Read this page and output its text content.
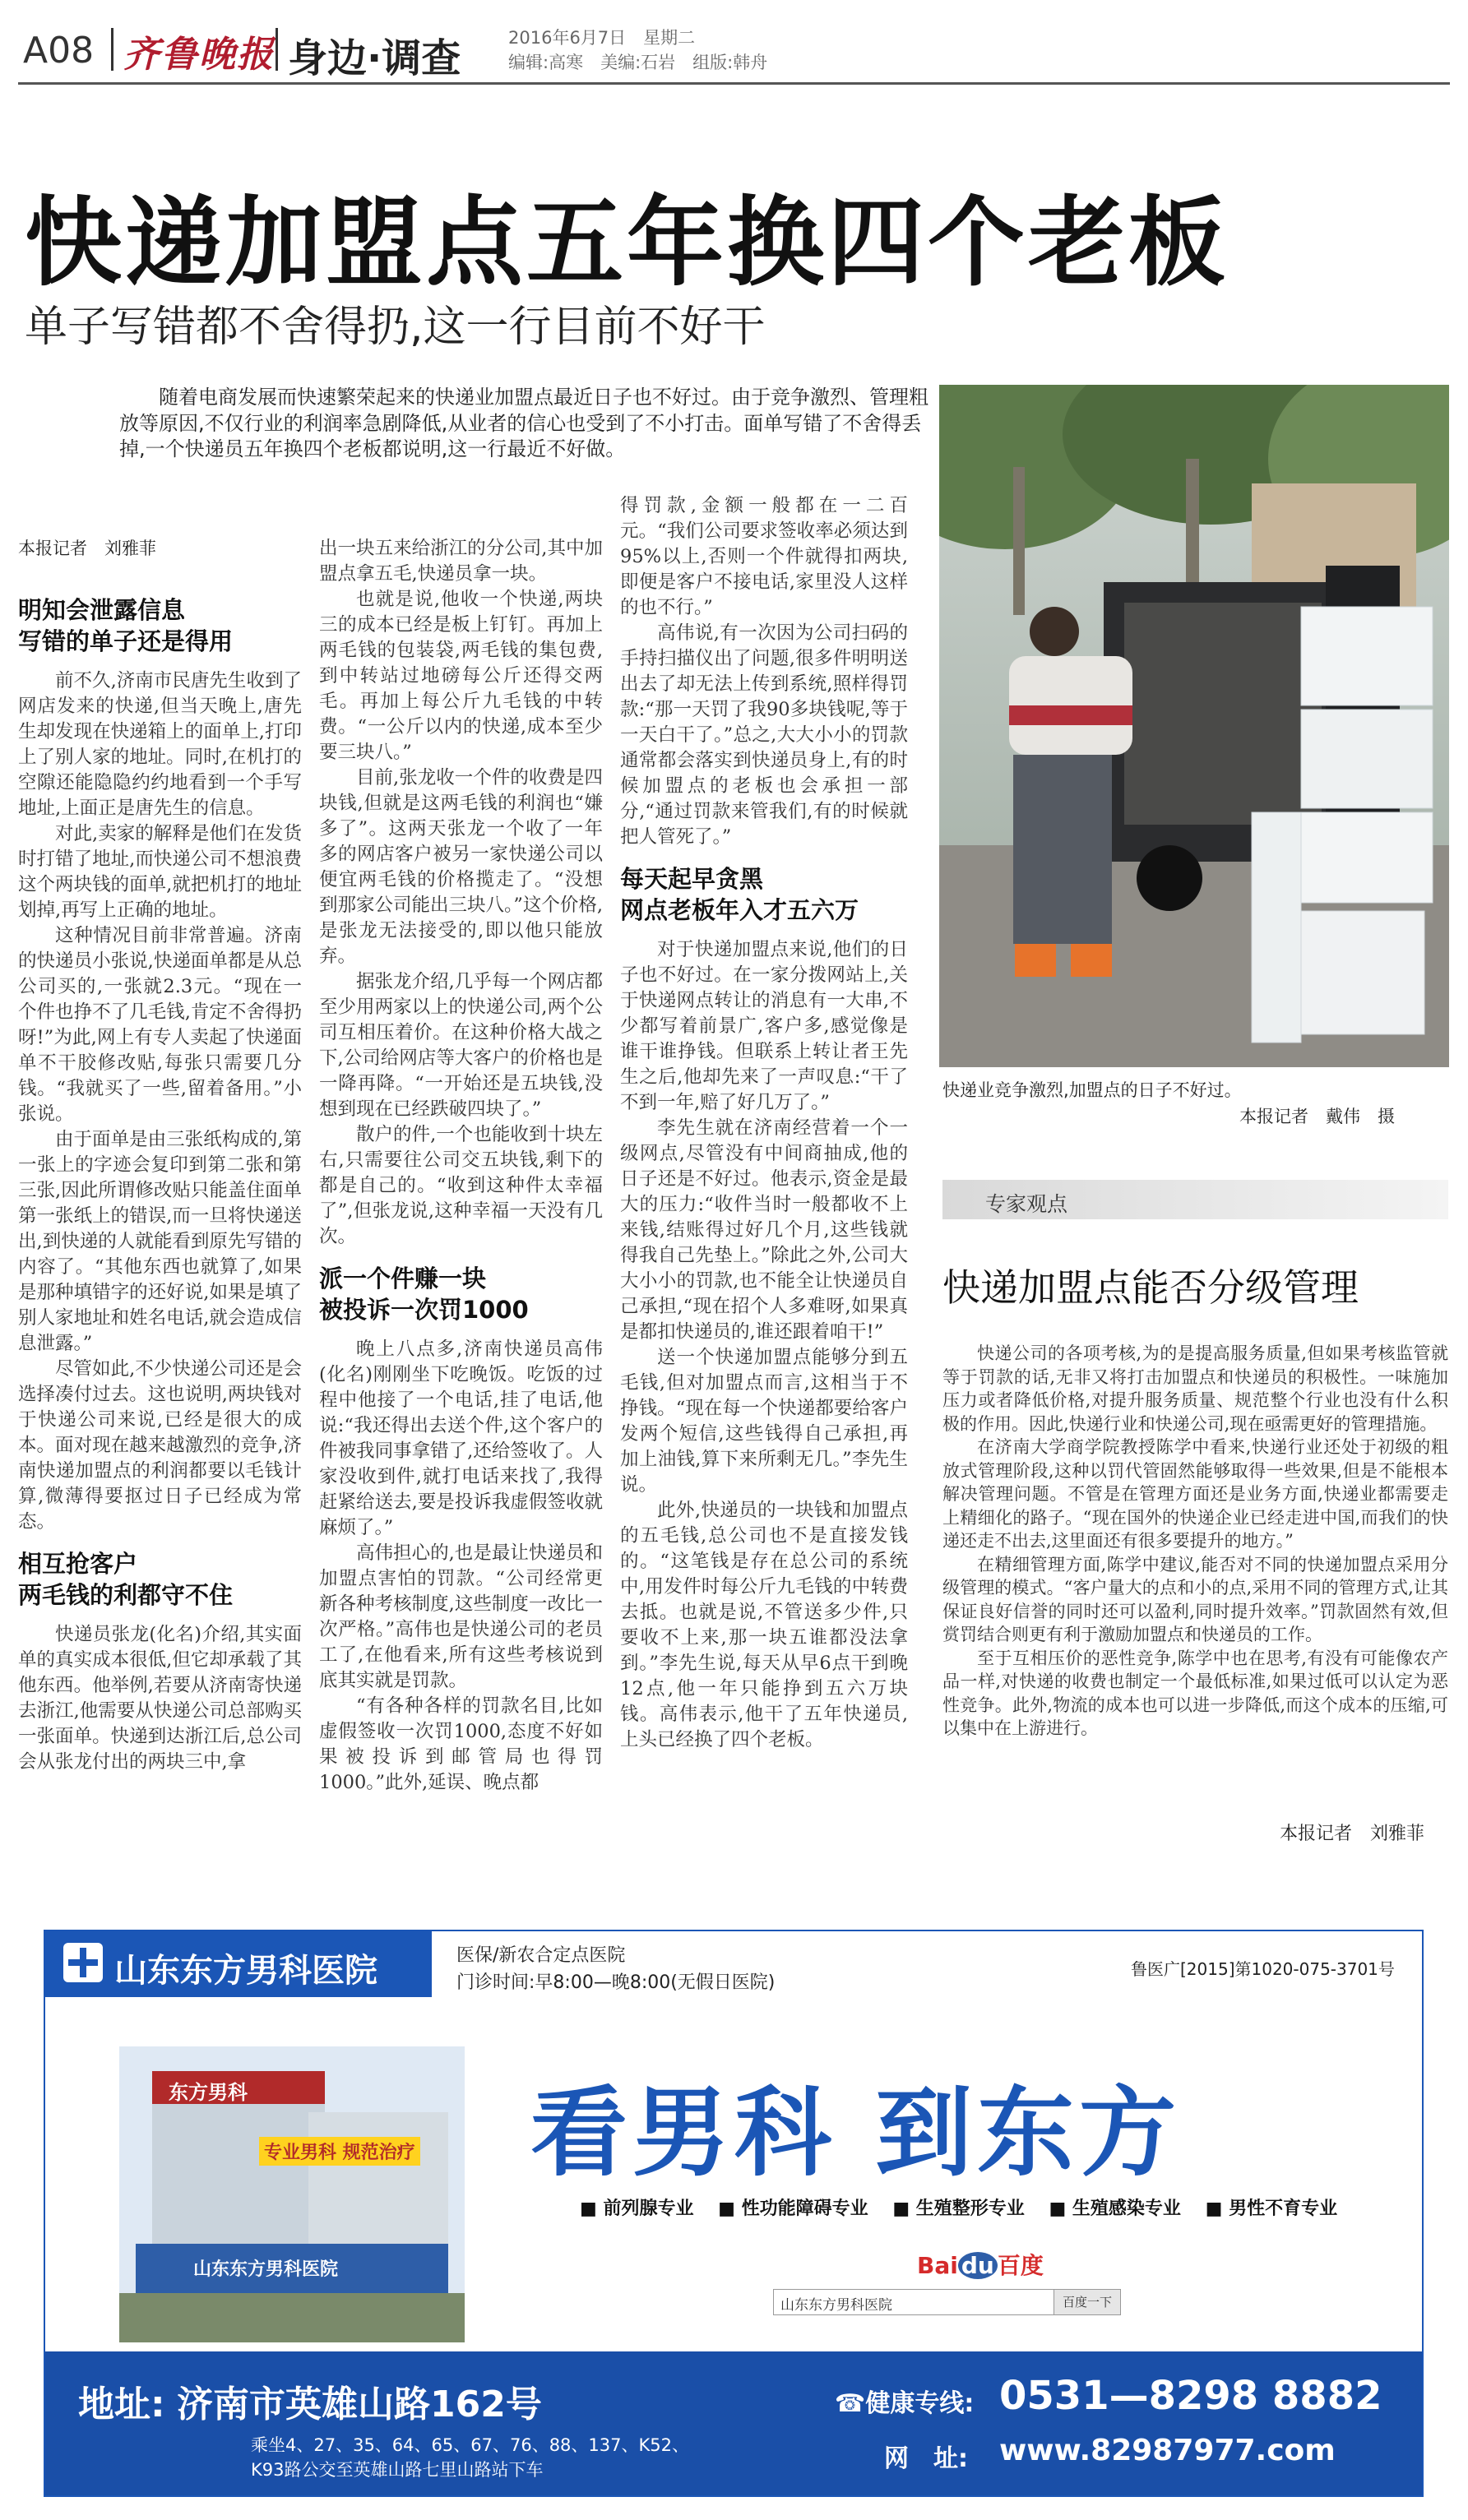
A08 齐鲁晚报 身边·调查	2016年6月7日　星期二
编辑:高寒　美编:石岩　组版:韩舟
快递加盟点五年换四个老板
单子写错都不舍得扔,这一行目前不好干
随着电商发展而快速繁荣起来的快递业加盟点最近日子也不好过。由于竞争激烈、管理粗放等原因,不仅行业的利润率急剧降低,从业者的信心也受到了不小打击。面单写错了不舍得丢掉,一个快递员五年换四个老板都说明,这一行最近不好做。
本报记者　刘雅菲
明知会泄露信息
写错的单子还是得用

前不久,济南市民唐先生收到了网店发来的快递,但当天晚上,唐先生却发现在快递箱上的面单上,打印上了别人家的地址。同时,在机打的空隙还能隐隐约约地看到一个手写地址,上面正是唐先生的信息。

对此,卖家的解释是他们在发货时打错了地址,而快递公司不想浪费这个两块钱的面单,就把机打的地址划掉,再写上正确的地址。

这种情况目前非常普遍。济南的快递员小张说,快递面单都是从总公司买的,一张就2.3元。“现在一个件也挣不了几毛钱,肯定不舍得扔呀!”为此,网上有专人卖起了快递面单不干胶修改贴,每张只需要几分钱。“我就买了一些,留着备用。”小张说。

由于面单是由三张纸构成的,第一张上的字迹会复印到第二张和第三张,因此所谓修改贴只能盖住面单第一张纸上的错误,而一旦将快递送出,到快递的人就能看到原先写错的内容了。“其他东西也就算了,如果是那种填错字的还好说,如果是填了别人家地址和姓名电话,就会造成信息泄露。”

尽管如此,不少快递公司还是会选择凑付过去。这也说明,两块钱对于快递公司来说,已经是很大的成本。面对现在越来越激烈的竞争,济南快递加盟点的利润都要以毛钱计算,微薄得要抠过日子已经成为常态。

相互抢客户
两毛钱的利都守不住

快递员张龙(化名)介绍,其实面单的真实成本很低,但它却承载了其他东西。他举例,若要从济南寄快递去浙江,他需要从快递公司总部购买一张面单。快递到达浙江后,总公司会从张龙付出的两块三中,拿

出一块五来给浙江的分公司,其中加盟点拿五毛,快递员拿一块。

也就是说,他收一个快递,两块三的成本已经是板上钉钉。再加上两毛钱的包装袋,两毛钱的集包费,到中转站过地磅每公斤还得交两毛。再加上每公斤九毛钱的中转费。“一公斤以内的快递,成本至少要三块八。”

目前,张龙收一个件的收费是四块钱,但就是这两毛钱的利润也“嫌多了”。这两天张龙一个收了一年多的网店客户被另一家快递公司以便宜两毛钱的价格揽走了。“没想到那家公司能出三块八。”这个价格,是张龙无法接受的,即以他只能放弃。

据张龙介绍,几乎每一个网店都至少用两家以上的快递公司,两个公司互相压着价。在这种价格大战之下,公司给网店等大客户的价格也是一降再降。“一开始还是五块钱,没想到现在已经跌破四块了。”

散户的件,一个也能收到十块左右,只需要往公司交五块钱,剩下的都是自己的。“收到这种件太幸福了”,但张龙说,这种幸福一天没有几次。

派一个件赚一块
被投诉一次罚1000

晚上八点多,济南快递员高伟(化名)刚刚坐下吃晚饭。吃饭的过程中他接了一个电话,挂了电话,他说:“我还得出去送个件,这个客户的件被我同事拿错了,还给签收了。人家没收到件,就打电话来找了,我得赶紧给送去,要是投诉我虚假签收就麻烦了。”

高伟担心的,也是最让快递员和加盟点害怕的罚款。“公司经常更新各种考核制度,这些制度一改比一次严格。”高伟也是快递公司的老员工了,在他看来,所有这些考核说到底其实就是罚款。

“有各种各样的罚款名目,比如虚假签收一次罚1000,态度不好如果被投诉到邮管局也得罚1000。”此外,延误、晚点都

得罚款,金额一般都在一二百元。“我们公司要求签收率必须达到95%以上,否则一个件就得扣两块,即便是客户不接电话,家里没人这样的也不行。”

高伟说,有一次因为公司扫码的手持扫描仪出了问题,很多件明明送出去了却无法上传到系统,照样得罚款:“那一天罚了我90多块钱呢,等于一天白干了。”总之,大大小小的罚款通常都会落实到快递员身上,有的时候加盟点的老板也会承担一部分,“通过罚款来管我们,有的时候就把人管死了。”

每天起早贪黑
网点老板年入才五六万

对于快递加盟点来说,他们的日子也不好过。在一家分拨网站上,关于快递网点转让的消息有一大串,不少都写着前景广,客户多,感觉像是谁干谁挣钱。但联系上转让者王先生之后,他却先来了一声叹息:“干了不到一年,赔了好几万了。”

李先生就在济南经营着一个一级网点,尽管没有中间商抽成,他的日子还是不好过。他表示,资金是最大的压力:“收件当时一般都收不上来钱,结账得过好几个月,这些钱就得我自己先垫上。”除此之外,公司大大小小的罚款,也不能全让快递员自己承担,“现在招个人多难呀,如果真是都扣快递员的,谁还跟着咱干!”

送一个快递加盟点能够分到五毛钱,但对加盟点而言,这相当于不挣钱。“现在每一个快递都要给客户发两个短信,这些钱得自己承担,再加上油钱,算下来所剩无几。”李先生说。

此外,快递员的一块钱和加盟点的五毛钱,总公司也不是直接发钱的。“这笔钱是存在总公司的系统中,用发件时每公斤九毛钱的中转费去抵。也就是说,不管送多少件,只要收不上来,那一块五谁都没法拿到。”李先生说,每天从早6点干到晚12点,他一年只能挣到五六万块钱。高伟表示,他干了五年快递员,上头已经换了四个老板。

快递业竞争激烈,加盟点的日子不好过。
本报记者　戴伟　摄
专家观点
快递加盟点能否分级管理

快递公司的各项考核,为的是提高服务质量,但如果考核监管就等于罚款的话,无非又将打击加盟点和快递员的积极性。一味施加压力或者降低价格,对提升服务质量、规范整个行业也没有什么积极的作用。因此,快递行业和快递公司,现在亟需更好的管理措施。

在济南大学商学院教授陈学中看来,快递行业还处于初级的粗放式管理阶段,这种以罚代管固然能够取得一些效果,但是不能根本解决管理问题。不管是在管理方面还是业务方面,快递业都需要走上精细化的路子。“现在国外的快递企业已经走进中国,而我们的快递还走不出去,这里面还有很多要提升的地方。”

在精细管理方面,陈学中建议,能否对不同的快递加盟点采用分级管理的模式。“客户量大的点和小的点,采用不同的管理方式,让其保证良好信誉的同时还可以盈利,同时提升效率。”罚款固然有效,但赏罚结合则更有利于激励加盟点和快递员的工作。

至于互相压价的恶性竞争,陈学中也在思考,有没有可能像农产品一样,对快递的收费也制定一个最低标准,如果过低可以认定为恶性竞争。此外,物流的成本也可以进一步降低,而这个成本的压缩,可以集中在上游进行。

本报记者　刘雅菲
山东东方男科医院	医保/新农合定点医院
门诊时间:早8:00—晚8:00(无假日医院)
鲁医广[2015]第1020-075-3701号
东方男科
专业男科 规范治疗
山东东方男科医院
看男科 到东方
■ 前列腺专业　 ■ 性功能障碍专业　 ■ 生殖整形专业　 ■ 生殖感染专业　 ■ 男性不育专业
Bai du 百度
山东东方男科医院	百度一下
地址: 济南市英雄山路162号
乘坐4、27、35、64、65、67、76、88、137、K52、
K93路公交至英雄山路七里山路站下车
☎健康专线: 0531—8298 8882
网　址: www.82987977.com
